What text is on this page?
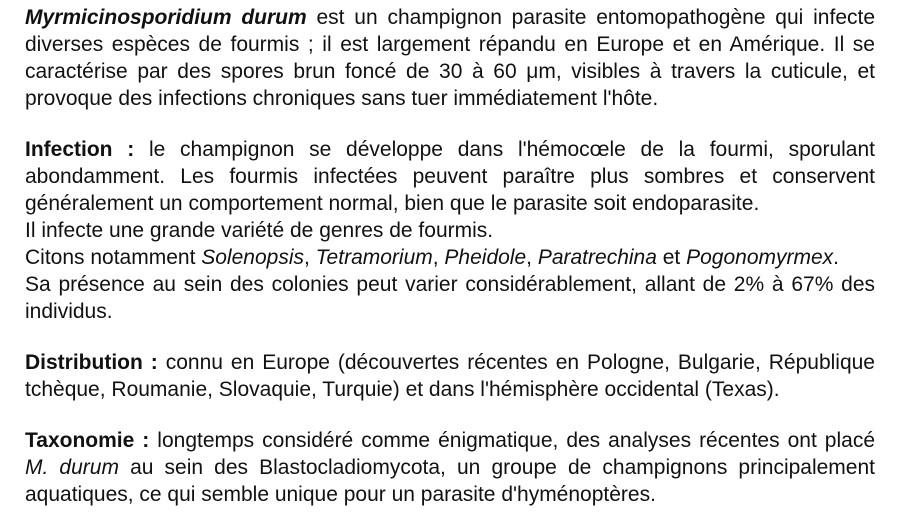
Myrmicinosporidium durum est un champignon parasite entomopathogène qui infecte diverses espèces de fourmis ; il est largement répandu en Europe et en Amérique. Il se caractérise par des spores brun foncé de 30 à 60 μm, visibles à travers la cuticule, et provoque des infections chroniques sans tuer immédiatement l'hôte.

Infection : le champignon se développe dans l'hémocœle de la fourmi, sporulant abondamment. Les fourmis infectées peuvent paraître plus sombres et conservent généralement un comportement normal, bien que le parasite soit endoparasite.

Il infecte une grande variété de genres de fourmis.

Citons notamment Solenopsis, Tetramorium, Pheidole, Paratrechina et Pogonomyrmex.

Sa présence au sein des colonies peut varier considérablement, allant de 2% à 67% des individus.

Distribution : connu en Europe (découvertes récentes en Pologne, Bulgarie, République tchèque, Roumanie, Slovaquie, Turquie) et dans l'hémisphère occidental (Texas).

Taxonomie : longtemps considéré comme énigmatique, des analyses récentes ont placé M. durum au sein des Blastocladiomycota, un groupe de champignons principalement aquatiques, ce qui semble unique pour un parasite d'hyménoptères.
